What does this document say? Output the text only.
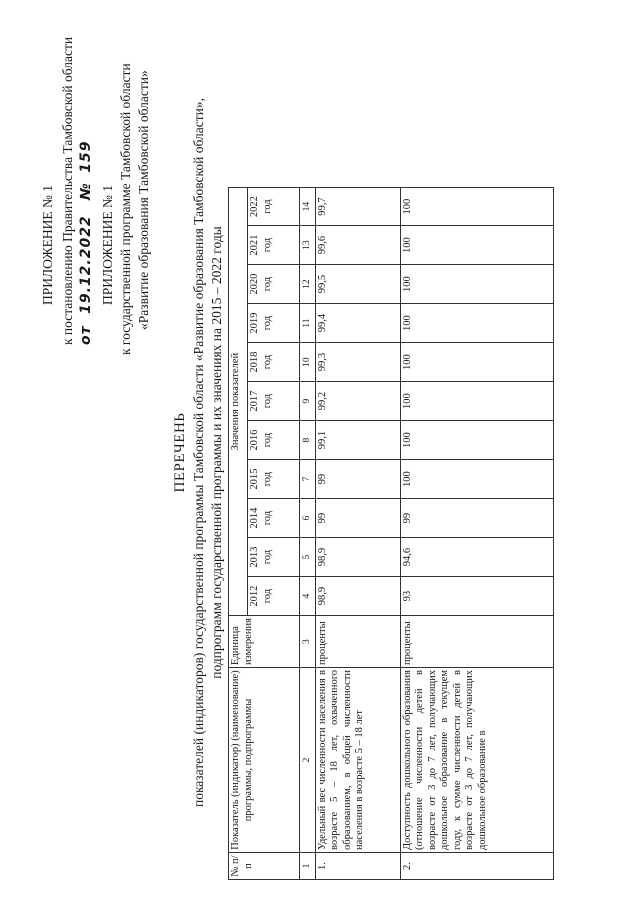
ПРИЛОЖЕНИЕ № 1 к постановлению Правительства Тамбовской области от 19.12.2022 № 159
ПРИЛОЖЕНИЕ № 1 к государственной программе Тамбовской области «Развитие образования Тамбовской области»
ПЕРЕЧЕНЬ показателей (индикаторов) государственной программы Тамбовской области «Развитие образования Тамбовской области», подпрограмм государственной программы и их значениях на 2015 – 2022 годы
№ п/п	Показатель (индикатор) (наименование) программы, подпрограммы	Единица измерения	Значения показателей										
			2012 год	2013 год	2014 год	2015 год	2016 год	2017 год	2018 год	2019 год	2020 год	2021 год	2022 год
1	2	3	4	5	6	7	8	9	10	11	12	13	14
1.	Удельный вес численности населения в возрасте 5 – 18 лет, охваченного образованием, в общей численности населения в возрасте 5 – 18 лет	проценты	98,9	98,9	99	99	99,1	99,2	99,3	99,4	99,5	99,6	99,7
2.	Доступность дошкольного образования (отношение численности детей в возрасте от 3 до 7 лет, получающих дошкольное образование в текущем году, к сумме численности детей в возрасте от 3 до 7 лет, получающих дошкольное образование в	проценты	93	94,6	99	100	100	100	100	100	100	100	100
